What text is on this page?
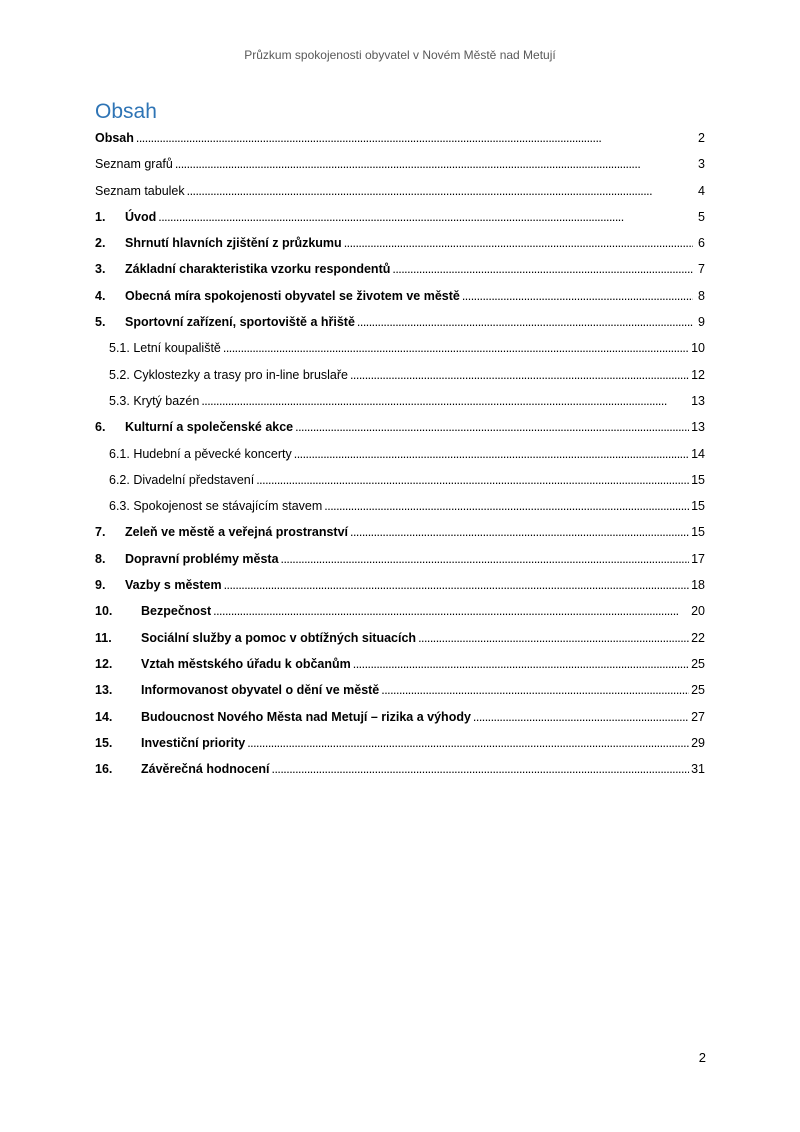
Průzkum spokojenosti obyvatel v Novém Městě nad Metují
Obsah
Obsah . . .	2
Seznam grafů . . .	3
Seznam tabulek . . .	4
1.	Úvod . . .	5
2.	Shrnutí hlavních zjištění z průzkumu . . .	6
3.	Základní charakteristika vzorku respondentů . . .	7
4.	Obecná míra spokojenosti obyvatel se životem ve městě . . .	8
5.	Sportovní zařízení, sportoviště a hřiště . . .	9
5.1. Letní koupaliště . . .	10
5.2. Cyklostezky a trasy pro in-line bruslaře . . .	12
5.3. Krytý bazén . . .	13
6.	Kulturní a společenské akce . . .	13
6.1. Hudební a pěvecké koncerty . . .	14
6.2. Divadelní představení . . .	15
6.3. Spokojenost se stávajícím stavem . . .	15
7.	Zeleň ve městě a veřejná prostranství . . .	15
8.	Dopravní problémy města . . .	17
9.	Vazby s městem . . .	18
10.	Bezpečnost . . .	20
11.	Sociální služby a pomoc v obtížných situacích . . .	22
12.	Vztah městského úřadu k občanům . . .	25
13.	Informovanost obyvatel o dění ve městě . . .	25
14.	Budoucnost Nového Města nad Metují – rizika a výhody . . .	27
15.	Investiční priority . . .	29
16.	Závěrečná hodnocení . . .	31
2
